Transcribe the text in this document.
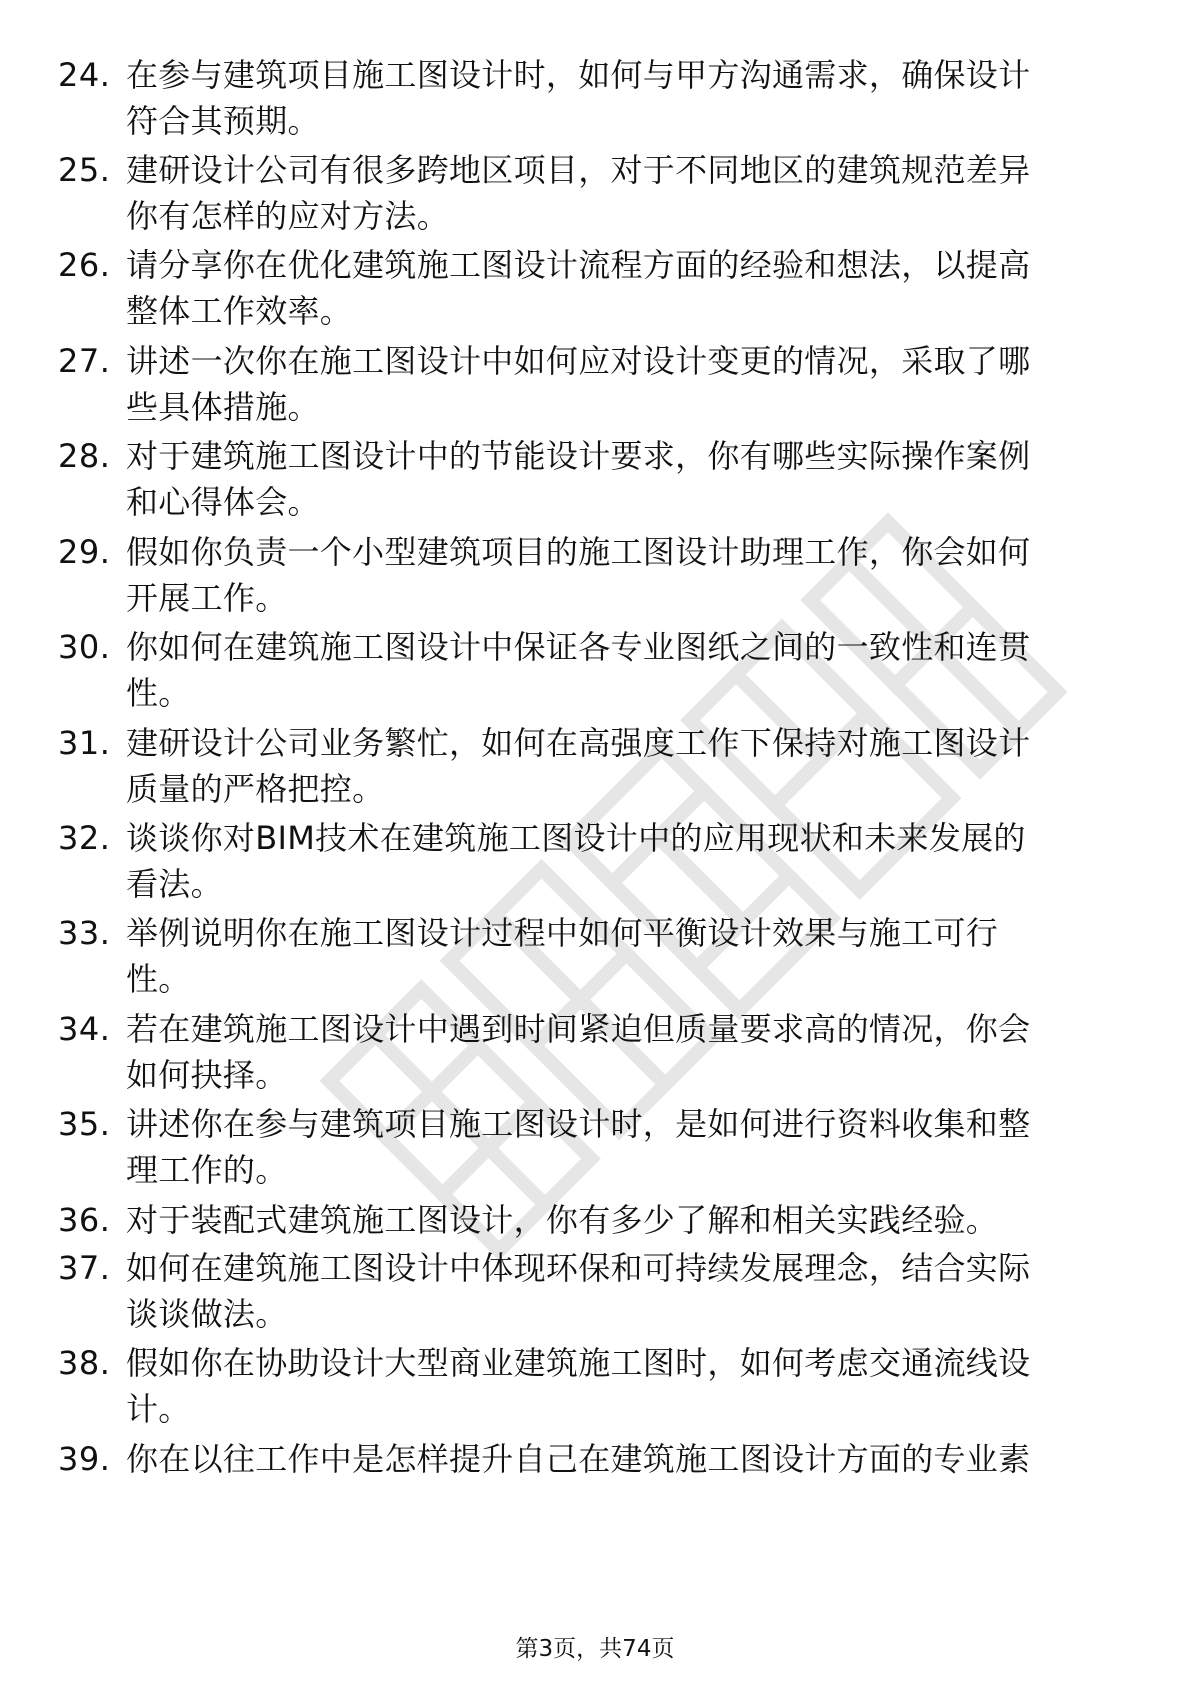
24. 在参与建筑项目施工图设计时，如何与甲方沟通需求，确保设计
符合其预期。
25. 建研设计公司有很多跨地区项目，对于不同地区的建筑规范差异
你有怎样的应对方法。
26. 请分享你在优化建筑施工图设计流程方面的经验和想法，以提高
整体工作效率。
27. 讲述一次你在施工图设计中如何应对设计变更的情况，采取了哪
些具体措施。
28. 对于建筑施工图设计中的节能设计要求，你有哪些实际操作案例
和心得体会。
29. 假如你负责一个小型建筑项目的施工图设计助理工作，你会如何
开展工作。
30. 你如何在建筑施工图设计中保证各专业图纸之间的一致性和连贯
性。
31. 建研设计公司业务繁忙，如何在高强度工作下保持对施工图设计
质量的严格把控。
32. 谈谈你对BIM技术在建筑施工图设计中的应用现状和未来发展的
看法。
33. 举例说明你在施工图设计过程中如何平衡设计效果与施工可行
性。
34. 若在建筑施工图设计中遇到时间紧迫但质量要求高的情况，你会
如何抉择。
35. 讲述你在参与建筑项目施工图设计时，是如何进行资料收集和整
理工作的。
36. 对于装配式建筑施工图设计，你有多少了解和相关实践经验。
37. 如何在建筑施工图设计中体现环保和可持续发展理念，结合实际
谈谈做法。
38. 假如你在协助设计大型商业建筑施工图时，如何考虑交通流线设
计。
39. 你在以往工作中是怎样提升自己在建筑施工图设计方面的专业素
第3页，共74页
